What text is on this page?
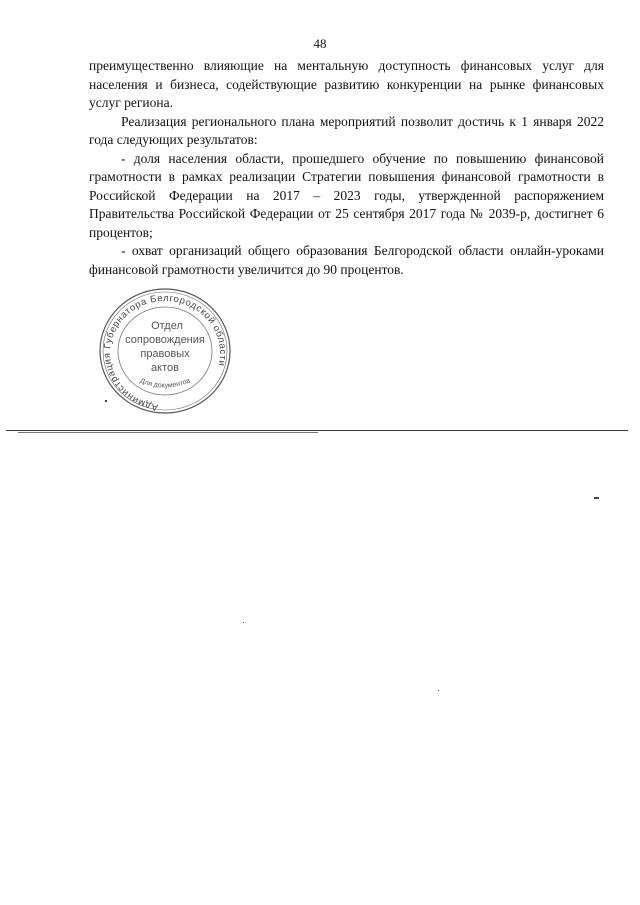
48

преимущественно влияющие на ментальную доступность финансовых услуг для населения и бизнеса, содействующие развитию конкуренции на рынке финансовых услуг региона.

Реализация регионального плана мероприятий позволит достичь к 1 января 2022 года следующих результатов:

- доля населения области, прошедшего обучение по повышению финансовой грамотности в рамках реализации Стратегии повышения финансовой грамотности в Российской Федерации на 2017 – 2023 годы, утвержденной распоряжением Правительства Российской Федерации от 25 сентября 2017 года № 2039-р, достигнет 6 процентов;

- охват организаций общего образования Белгородской области онлайн-уроками финансовой грамотности увеличится до 90 процентов.

Администрация Губернатора Белгородской области
Отдел
сопровождения
правовых
актов
Для документов
